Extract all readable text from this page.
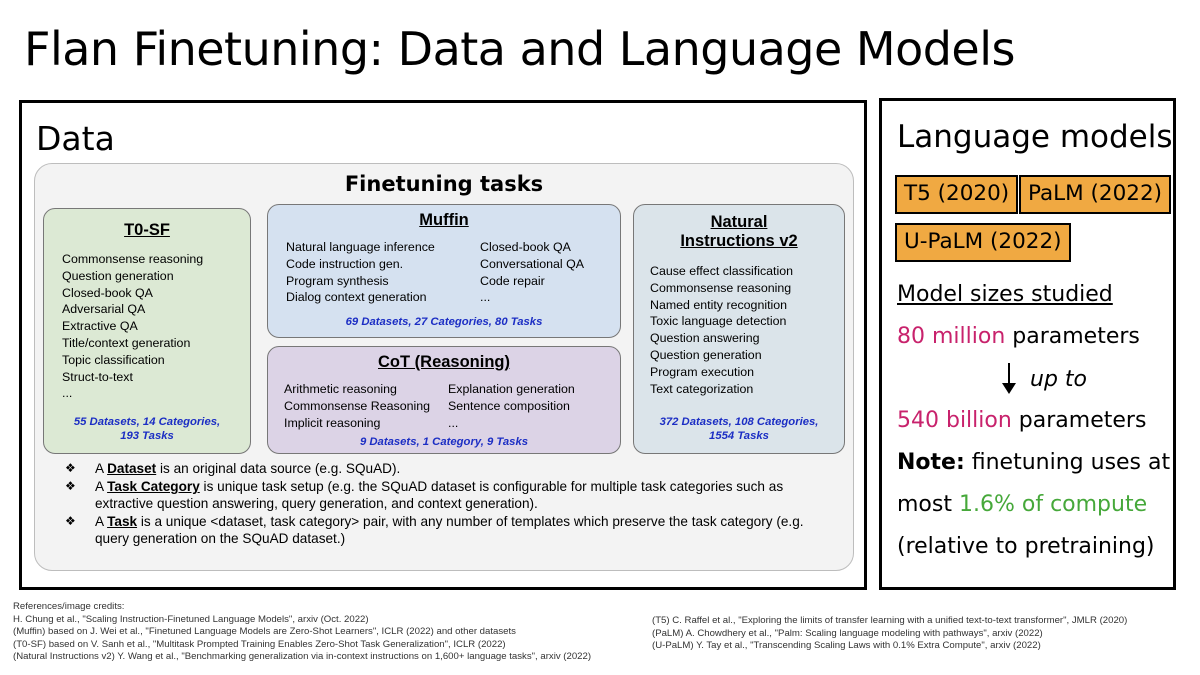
Flan Finetuning: Data and Language Models
Data
Finetuning tasks
T0-SF
Commonsense reasoning
Question generation
Closed-book QA
Adversarial QA
Extractive QA
Title/context generation
Topic classification
Struct-to-text
...
55 Datasets, 14 Categories,
193 Tasks
Muffin
Natural language inference
Code instruction gen.
Program synthesis
Dialog context generation
Closed-book QA
Conversational QA
Code repair
...
69 Datasets, 27 Categories, 80 Tasks
CoT (Reasoning)
Arithmetic reasoning
Commonsense Reasoning
Implicit reasoning
Explanation generation
Sentence composition
...
9 Datasets, 1 Category, 9 Tasks
Natural
Instructions v2
Cause effect classification
Commonsense reasoning
Named entity recognition
Toxic language detection
Question answering
Question generation
Program execution
Text categorization
372 Datasets, 108 Categories,
1554 Tasks
❖ A Dataset is an original data source (e.g. SQuAD).
❖ A Task Category is unique task setup (e.g. the SQuAD dataset is configurable for multiple task categories such as extractive question answering, query generation, and context generation).
❖ A Task is a unique <dataset, task category> pair, with any number of templates which preserve the task category (e.g. query generation on the SQuAD dataset.)
Language models
T5 (2020) PaLM (2022)
U-PaLM (2022)
Model sizes studied
80 million parameters
up to
540 billion parameters
Note: finetuning uses at
most 1.6% of compute
(relative to pretraining)
References/image credits:
H. Chung et al., "Scaling Instruction-Finetuned Language Models", arxiv (Oct. 2022)
(Muffin) based on J. Wei et al., "Finetuned Language Models are Zero-Shot Learners", ICLR (2022) and other datasets
(T0-SF) based on V. Sanh et al., "Multitask Prompted Training Enables Zero-Shot Task Generalization", ICLR (2022)
(Natural Instructions v2) Y. Wang et al., "Benchmarking generalization via in-context instructions on 1,600+ language tasks", arxiv (2022)
(T5) C. Raffel et al., "Exploring the limits of transfer learning with a unified text-to-text transformer", JMLR (2020)
(PaLM) A. Chowdhery et al., "Palm: Scaling language modeling with pathways", arxiv (2022)
(U-PaLM) Y. Tay et al., "Transcending Scaling Laws with 0.1% Extra Compute", arxiv (2022)
